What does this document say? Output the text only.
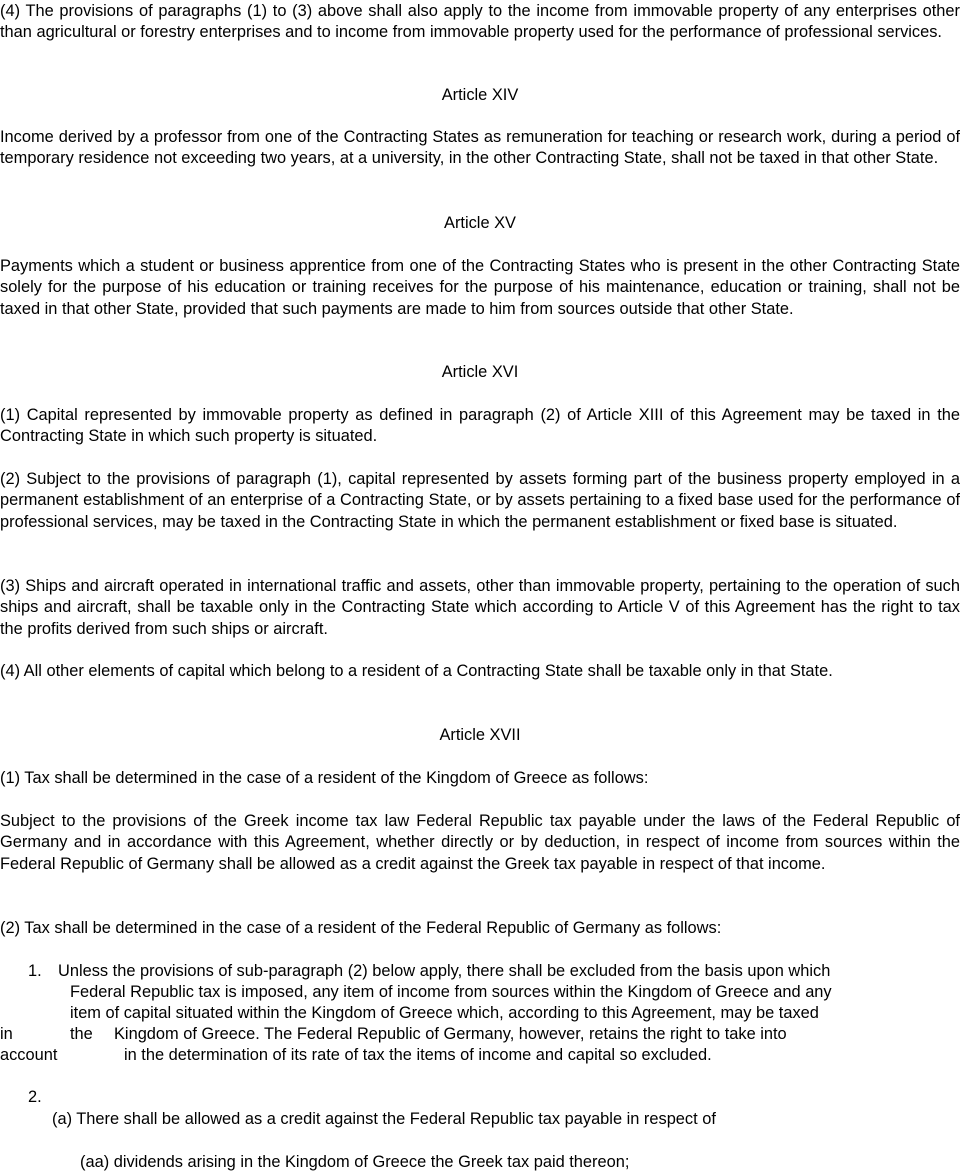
(4) The provisions of paragraphs (1) to (3) above shall also apply to the income from immovable property of any enterprises other than agricultural or forestry enterprises and to income from immovable property used for the performance of professional services.

Article XIV

Income derived by a professor from one of the Contracting States as remuneration for teaching or research work, during a period of temporary residence not exceeding two years, at a university, in the other Contracting State, shall not be taxed in that other State.

Article XV

Payments which a student or business apprentice from one of the Contracting States who is present in the other Contracting State solely for the purpose of his education or training receives for the purpose of his maintenance, education or training, shall not be taxed in that other State, provided that such payments are made to him from sources outside that other State.

Article XVI

(1) Capital represented by immovable property as defined in paragraph (2) of Article XIII of this Agreement may be taxed in the Contracting State in which such property is situated.

(2) Subject to the provisions of paragraph (1), capital represented by assets forming part of the business property employed in a permanent establishment of an enterprise of a Contracting State, or by assets pertaining to a fixed base used for the performance of professional services, may be taxed in the Contracting State in which the permanent establishment or fixed base is situated.

(3) Ships and aircraft operated in international traffic and assets, other than immovable property, pertaining to the operation of such ships and aircraft, shall be taxable only in the Contracting State which according to Article V of this Agreement has the right to tax the profits derived from such ships or aircraft.

(4) All other elements of capital which belong to a resident of a Contracting State shall be taxable only in that State.

Article XVII

(1) Tax shall be determined in the case of a resident of the Kingdom of Greece as follows:

Subject to the provisions of the Greek income tax law Federal Republic tax payable under the laws of the Federal Republic of Germany and in accordance with this Agreement, whether directly or by deduction, in respect of income from sources within the Federal Republic of Germany shall be allowed as a credit against the Greek tax payable in respect of that income.

(2) Tax shall be determined in the case of a resident of the Federal Republic of Germany as follows:

1. Unless the provisions of sub-paragraph (2) below apply, there shall be excluded from the basis upon which
Federal Republic tax is imposed, any item of income from sources within the Kingdom of Greece and any
item of capital situated within the Kingdom of Greece which, according to this Agreement, may be taxed
in	the Kingdom of Greece. The Federal Republic of Germany, however, retains the right to take into
account	in the determination of its rate of tax the items of income and capital so excluded.
2.
(a) There shall be allowed as a credit against the Federal Republic tax payable in respect of
(aa) dividends arising in the Kingdom of Greece the Greek tax paid thereon;
